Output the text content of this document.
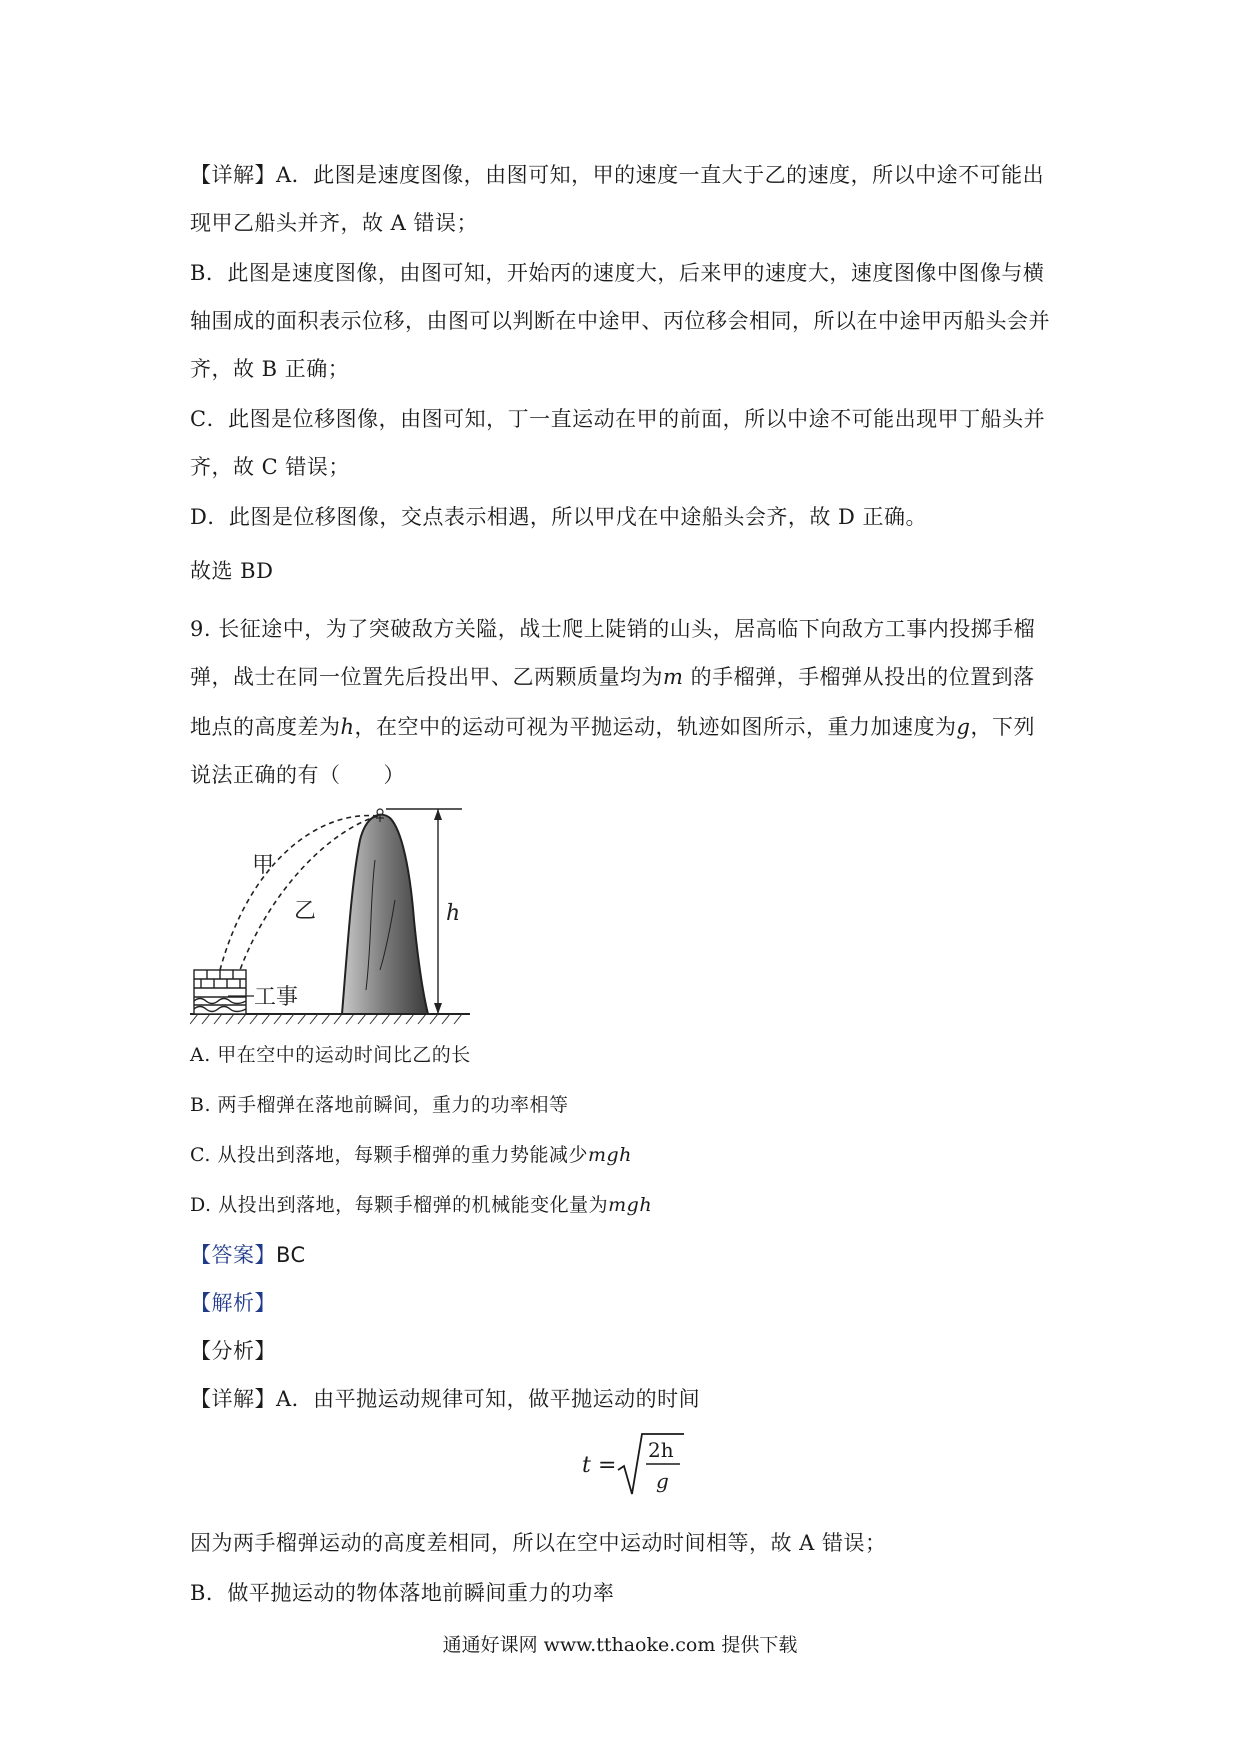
【详解】A．此图是速度图像，由图可知，甲的速度一直大于乙的速度，所以中途不可能出
现甲乙船头并齐，故 A 错误；
B．此图是速度图像，由图可知，开始丙的速度大，后来甲的速度大，速度图像中图像与横
轴围成的面积表示位移，由图可以判断在中途甲、丙位移会相同，所以在中途甲丙船头会并
齐，故 B 正确；
C．此图是位移图像，由图可知，丁一直运动在甲的前面，所以中途不可能出现甲丁船头并
齐，故 C 错误；
D．此图是位移图像，交点表示相遇，所以甲戊在中途船头会齐，故 D 正确。
故选 BD
9. 长征途中，为了突破敌方关隘，战士爬上陡销的山头，居高临下向敌方工事内投掷手榴
弹，战士在同一位置先后投出甲、乙两颗质量均为m 的手榴弹，手榴弹从投出的位置到落
地点的高度差为h，在空中的运动可视为平抛运动，轨迹如图所示，重力加速度为g，下列
说法正确的有（　　）
甲
乙	h
工事
A. 甲在空中的运动时间比乙的长
B. 两手榴弹在落地前瞬间，重力的功率相等
C. 从投出到落地，每颗手榴弹的重力势能减少mgh
D. 从投出到落地，每颗手榴弹的机械能变化量为mgh
【答案】BC
【解析】
【分析】
【详解】A．由平抛运动规律可知，做平抛运动的时间
t =
2h
g
因为两手榴弹运动的高度差相同，所以在空中运动时间相等，故 A 错误；
B．做平抛运动的物体落地前瞬间重力的功率
通通好课网 www.tthaoke.com 提供下载
